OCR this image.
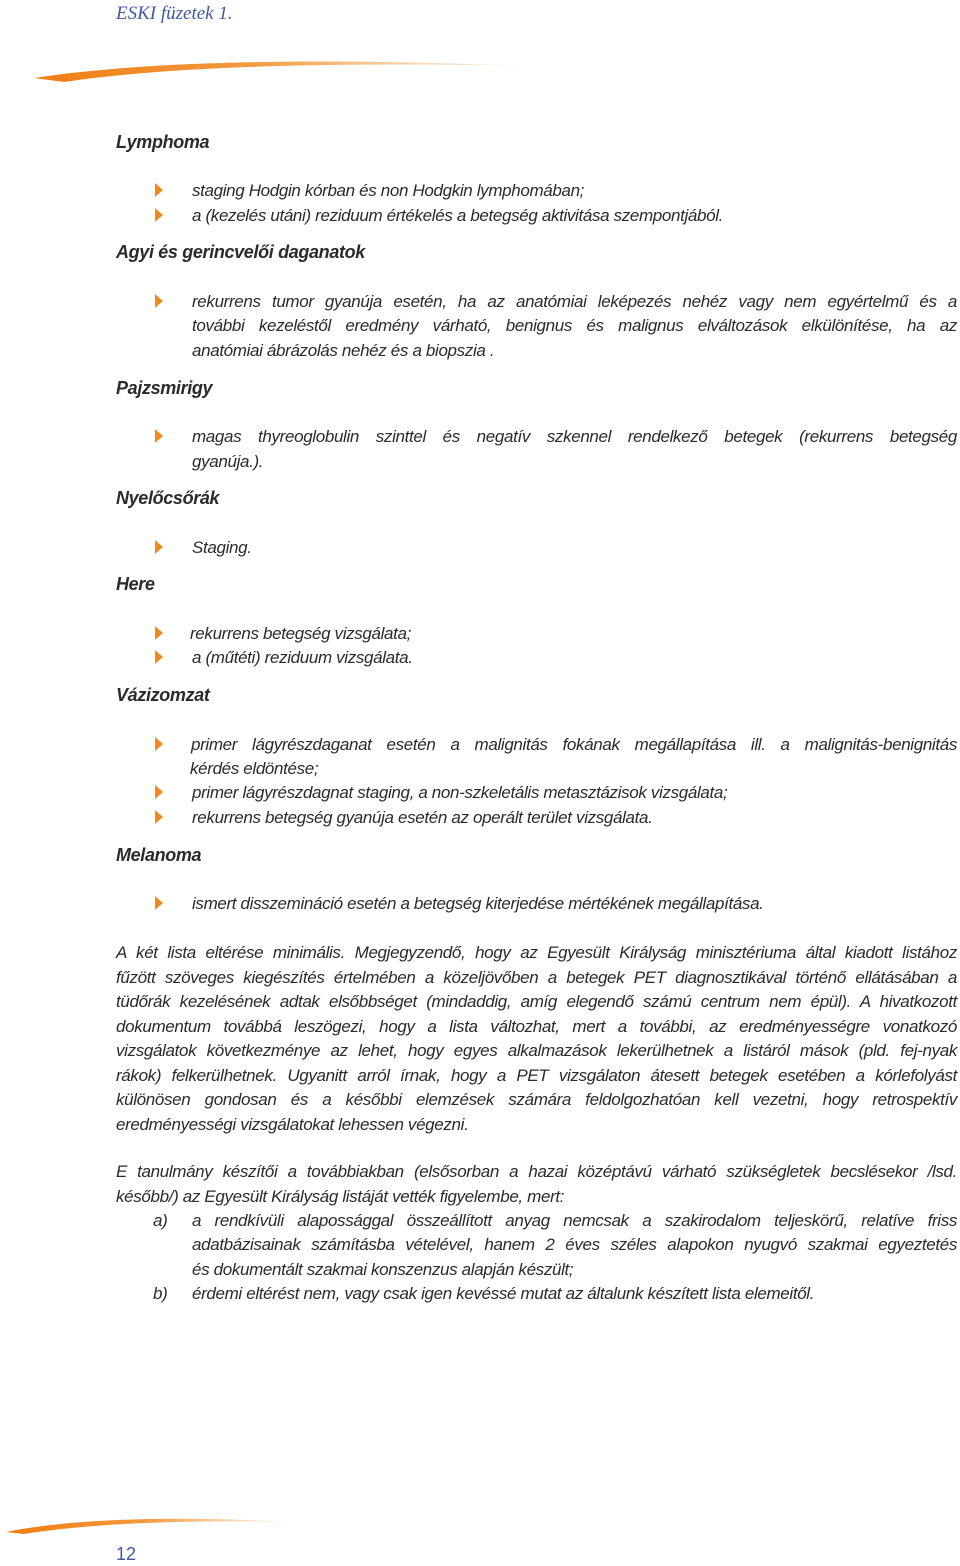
ESKI füzetek 1.
Lymphoma
staging Hodgin kórban és non Hodgkin lymphomában;
a (kezelés utáni) reziduum értékelés a betegség aktivitása szempontjából.
Agyi és gerincvelői daganatok
rekurrens tumor gyanúja esetén, ha az anatómiai leképezés nehéz vagy nem egyértelmű és a
további kezeléstől eredmény várható, benignus és malignus elváltozások elkülönítése, ha az
anatómiai ábrázolás nehéz és a biopszia .
Pajzsmirigy
magas thyreoglobulin szinttel és negatív szkennel rendelkező betegek (rekurrens betegség
gyanúja.).
Nyelőcsőrák
Staging.
Here
rekurrens betegség vizsgálata;
a (műtéti) reziduum vizsgálata.
Vázizomzat
primer lágyrészdaganat esetén a malignitás fokának megállapítása ill. a malignitás-benignitás
kérdés eldöntése;
primer lágyrészdagnat staging, a non-szkeletális metasztázisok vizsgálata;
rekurrens betegség gyanúja esetén az operált terület vizsgálata.
Melanoma
ismert disszemináció esetén a betegség kiterjedése mértékének megállapítása.
A két lista eltérése minimális. Megjegyzendő, hogy az Egyesült Királyság minisztériuma által kiadott listához
fűzött szöveges kiegészítés értelmében a közeljövőben a betegek PET diagnosztikával történő ellátásában a
tüdőrák kezelésének adtak elsőbbséget (mindaddig, amíg elegendő számú centrum nem épül). A hivatkozott
dokumentum továbbá leszögezi, hogy a lista változhat, mert a további, az eredményességre vonatkozó
vizsgálatok következménye az lehet, hogy egyes alkalmazások lekerülhetnek a listáról mások (pld. fej-nyak
rákok) felkerülhetnek. Ugyanitt arról írnak, hogy a PET vizsgálaton átesett betegek esetében a kórlefolyást
különösen gondosan és a későbbi elemzések számára feldolgozhatóan kell vezetni, hogy retrospektív
eredményességi vizsgálatokat lehessen végezni.
E tanulmány készítői a továbbiakban (elsősorban a hazai középtávú várható szükségletek becslésekor /lsd.
később/) az Egyesült Királyság listáját vették figyelembe, mert:
a) a rendkívüli alapossággal összeállított anyag nemcsak a szakirodalom teljeskörű, relatíve friss
adatbázisainak számításba vételével, hanem 2 éves széles alapokon nyugvó szakmai egyeztetés
és dokumentált szakmai konszenzus alapján készült;
b) érdemi eltérést nem, vagy csak igen kevéssé mutat az általunk készített lista elemeitől.
12
